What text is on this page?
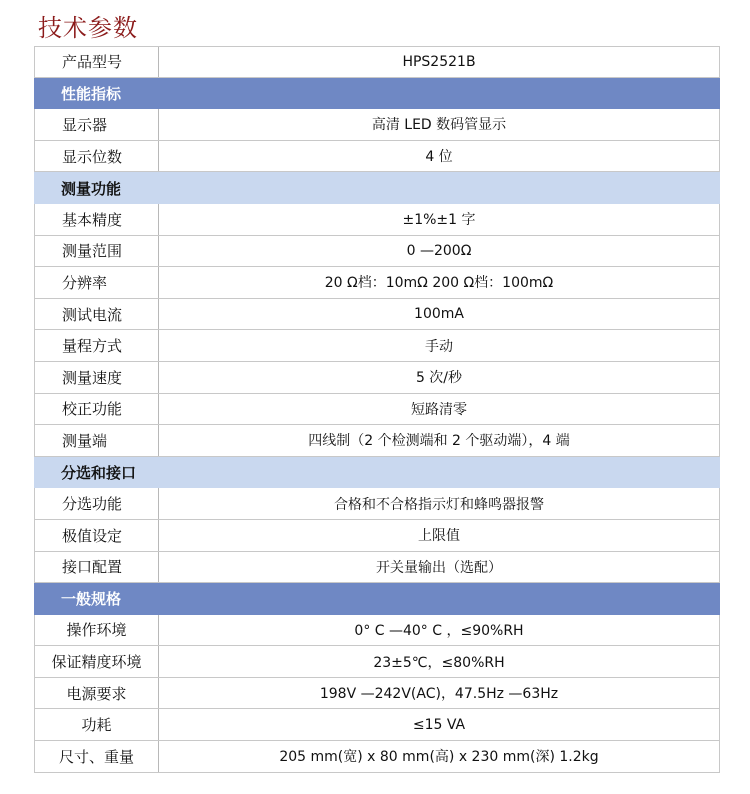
技术参数
产品型号	HPS2521B
性能指标
显示器	高清 LED 数码管显示
显示位数	4 位
测量功能
基本精度	±1%±1 字
测量范围	0 —200Ω
分辨率	20 Ω档：10mΩ 200 Ω档：100mΩ
测试电流	100mA
量程方式	手动
测量速度	5 次/秒
校正功能	短路清零
测量端	四线制（2 个检测端和 2 个驱动端），4 端
分选和接口
分选功能	合格和不合格指示灯和蜂鸣器报警
极值设定	上限值
接口配置	开关量输出（选配）
一般规格
操作环境	0° C —40° C ，≤90%RH
保证精度环境	23±5℃，≤80%RH
电源要求	198V —242V(AC)，47.5Hz —63Hz
功耗	≤15 VA
尺寸、重量	205 mm(宽) x 80 mm(高) x 230 mm(深) 1.2kg
